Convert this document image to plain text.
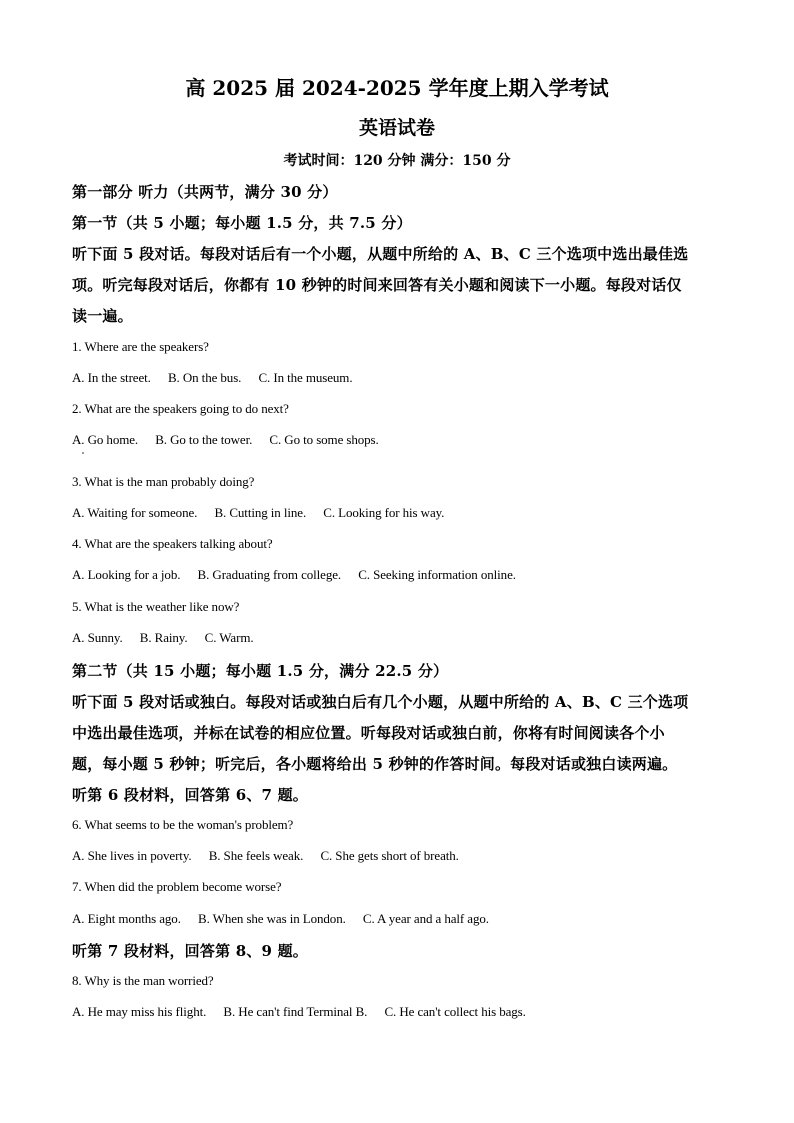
高 2025 届 2024-2025 学年度上期入学考试
英语试卷
考试时间：120 分钟 满分：150 分
第一部分 听力（共两节，满分 30 分）
第一节（共 5 小题；每小题 1.5 分，共 7.5 分）
听下面 5 段对话。每段对话后有一个小题，从题中所给的 A、B、C 三个选项中选出最佳选
项。听完每段对话后，你都有 10 秒钟的时间来回答有关小题和阅读下一小题。每段对话仅
读一遍。
1. Where are the speakers?
A. In the street. B. On the bus. C. In the museum.
2. What are the speakers going to do next?
A. Go home. B. Go to the tower. C. Go to some shops.
3. What is the man probably doing?
A. Waiting for someone. B. Cutting in line. C. Looking for his way.
4. What are the speakers talking about?
A. Looking for a job. B. Graduating from college. C. Seeking information online.
5. What is the weather like now?
A. Sunny. B. Rainy. C. Warm.
第二节（共 15 小题；每小题 1.5 分，满分 22.5 分）
听下面 5 段对话或独白。每段对话或独白后有几个小题，从题中所给的 A、B、C 三个选项
中选出最佳选项，并标在试卷的相应位置。听每段对话或独白前，你将有时间阅读各个小
题，每小题 5 秒钟；听完后，各小题将给出 5 秒钟的作答时间。每段对话或独白读两遍。
听第 6 段材料，回答第 6、7 题。
6. What seems to be the woman's problem?
A. She lives in poverty. B. She feels weak. C. She gets short of breath.
7. When did the problem become worse?
A. Eight months ago. B. When she was in London. C. A year and a half ago.
听第 7 段材料，回答第 8、9 题。
8. Why is the man worried?
A. He may miss his flight. B. He can't find Terminal B. C. He can't collect his bags.
